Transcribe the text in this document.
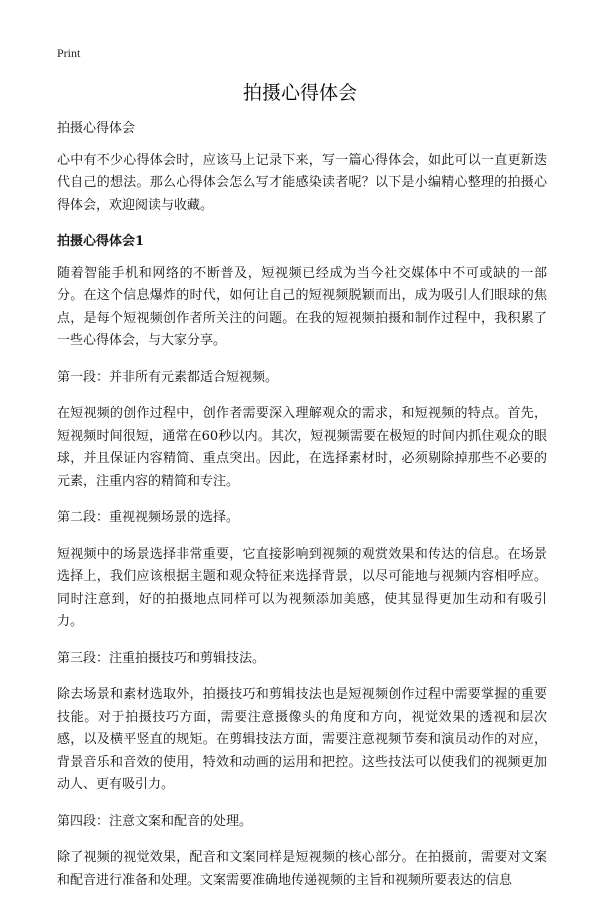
Print
拍摄心得体会

拍摄心得体会

心中有不少心得体会时，应该马上记录下来，写一篇心得体会，如此可以一直更新迭代自己的想法。那么心得体会怎么写才能感染读者呢？以下是小编精心整理的拍摄心得体会，欢迎阅读与收藏。

拍摄心得体会1

随着智能手机和网络的不断普及，短视频已经成为当今社交媒体中不可或缺的一部分。在这个信息爆炸的时代，如何让自己的短视频脱颖而出，成为吸引人们眼球的焦点，是每个短视频创作者所关注的问题。在我的短视频拍摄和制作过程中，我积累了一些心得体会，与大家分享。

第一段：并非所有元素都适合短视频。

在短视频的创作过程中，创作者需要深入理解观众的需求，和短视频的特点。首先，短视频时间很短，通常在60秒以内。其次，短视频需要在极短的时间内抓住观众的眼球，并且保证内容精简、重点突出。因此，在选择素材时，必须剔除掉那些不必要的元素，注重内容的精简和专注。

第二段：重视视频场景的选择。

短视频中的场景选择非常重要，它直接影响到视频的观赏效果和传达的信息。在场景选择上，我们应该根据主题和观众特征来选择背景，以尽可能地与视频内容相呼应。同时注意到，好的拍摄地点同样可以为视频添加美感，使其显得更加生动和有吸引力。

第三段：注重拍摄技巧和剪辑技法。

除去场景和素材选取外，拍摄技巧和剪辑技法也是短视频创作过程中需要掌握的重要技能。对于拍摄技巧方面，需要注意摄像头的角度和方向，视觉效果的透视和层次感，以及横平竖直的规矩。在剪辑技法方面，需要注意视频节奏和演员动作的对应，背景音乐和音效的使用，特效和动画的运用和把控。这些技法可以使我们的视频更加动人、更有吸引力。

第四段：注意文案和配音的处理。

除了视频的视觉效果，配音和文案同样是短视频的核心部分。在拍摄前，需要对文案和配音进行准备和处理。文案需要准确地传递视频的主旨和视频所要表达的信息
